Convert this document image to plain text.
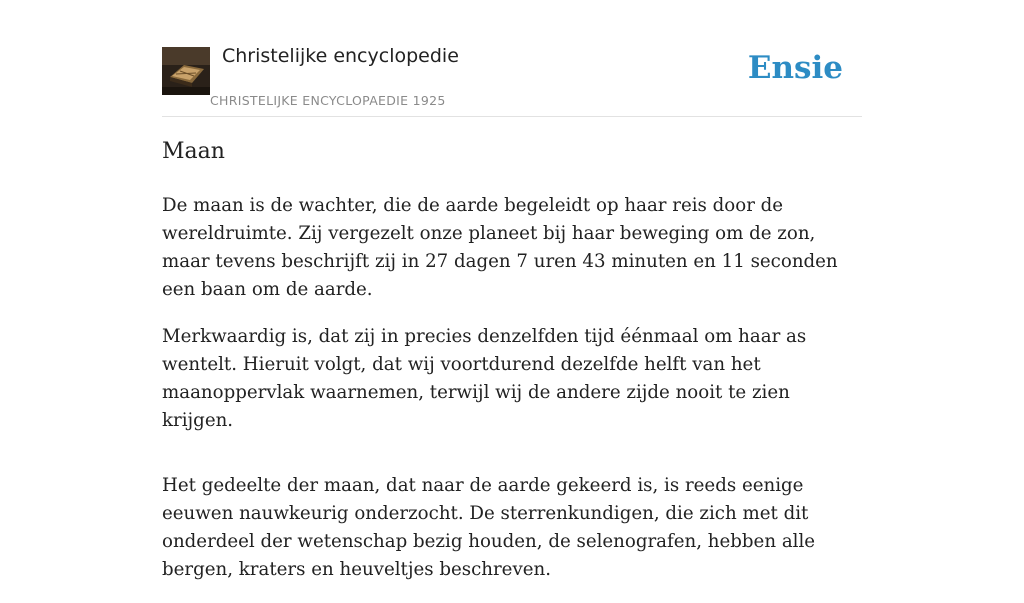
Christelijke encyclopedie
CHRISTELIJKE ENCYCLOPAEDIE 1925
Ensie
Maan

De maan is de wachter, die de aarde begeleidt op haar reis door de wereldruimte. Zij vergezelt onze planeet bij haar beweging om de zon, maar tevens beschrijft zij in 27 dagen 7 uren 43 minuten en 11 seconden een baan om de aarde.

Merkwaardig is, dat zij in precies denzelfden tijd éénmaal om haar as wentelt. Hieruit volgt, dat wij voortdurend dezelfde helft van het maanoppervlak waarnemen, terwijl wij de andere zijde nooit te zien krijgen.

Het gedeelte der maan, dat naar de aarde gekeerd is, is reeds eenige eeuwen nauwkeurig onderzocht. De sterrenkundigen, die zich met dit onderdeel der wetenschap bezig houden, de selenografen, hebben alle bergen, kraters en heuveltjes beschreven.
